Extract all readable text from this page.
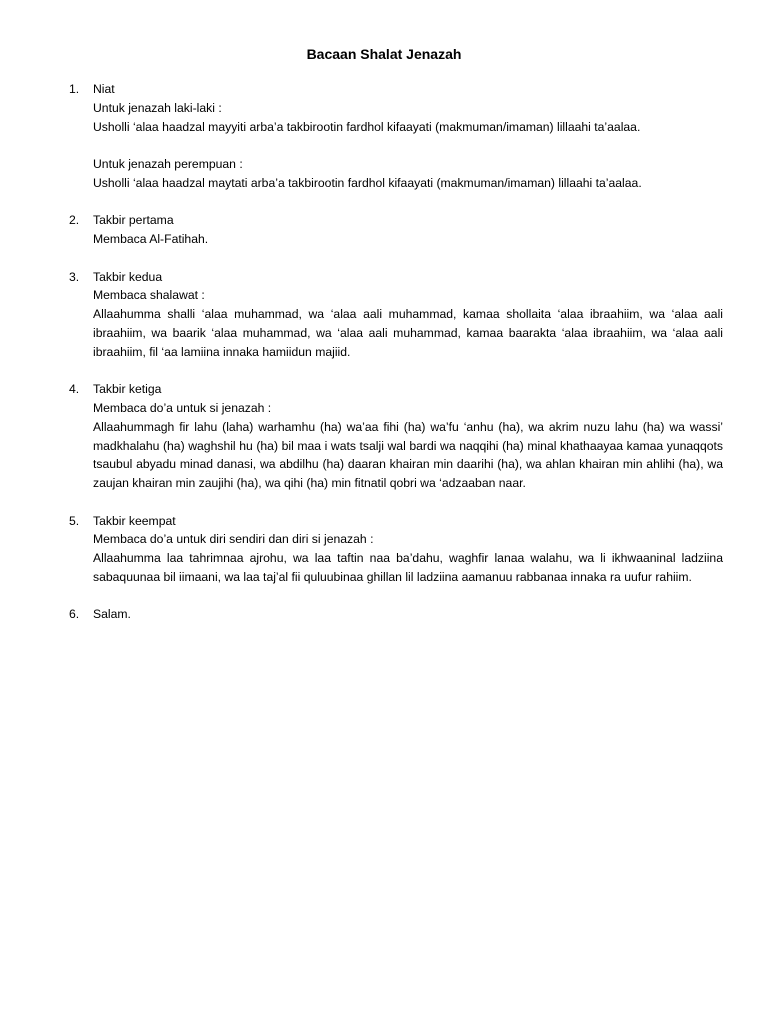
Bacaan Shalat Jenazah
1. Niat
Untuk jenazah laki-laki :
Usholli ‘alaa haadzal mayyiti arba’a takbirootin fardhol kifaayati (makmuman/imaman) lillaahi ta’aalaa.
Untuk jenazah perempuan :
Usholli ‘alaa haadzal maytati arba’a takbirootin fardhol kifaayati (makmuman/imaman) lillaahi ta’aalaa.
2. Takbir pertama
Membaca Al-Fatihah.
3. Takbir kedua
Membaca shalawat :
Allaahumma shalli ‘alaa muhammad, wa ‘alaa aali muhammad, kamaa shollaita ‘alaa ibraahiim, wa ‘alaa aali ibraahiim, wa baarik ‘alaa muhammad, wa ‘alaa aali muhammad, kamaa baarakta ‘alaa ibraahiim, wa ‘alaa aali ibraahiim, fil ‘aa lamiina innaka hamiidun majiid.
4. Takbir ketiga
Membaca do’a untuk si jenazah :
Allaahummagh fir lahu (laha) warhamhu (ha) wa’aa fihi (ha) wa’fu ‘anhu (ha), wa akrim nuzu lahu (ha) wa wassi’ madkhalahu (ha) waghshil hu (ha) bil maa i wats tsalji wal bardi wa naqqihi (ha) minal khathaayaa kamaa yunaqqots tsaubul abyadu minad danasi, wa abdilhu (ha) daaran khairan min daarihi (ha), wa ahlan khairan min ahlihi (ha), wa zaujan khairan min zaujihi (ha), wa qihi (ha) min fitnatil qobri wa ‘adzaaban naar.
5. Takbir keempat
Membaca do’a untuk diri sendiri dan diri si jenazah :
Allaahumma laa tahrimnaa ajrohu, wa laa taftin naa ba’dahu, waghfir lanaa walahu, wa li ikhwaaninal ladziina sabaquunaa bil iimaani, wa laa taj’al fii quluubinaa ghillan lil ladziina aamanuu rabbanaa innaka ra uufur rahiim.
6. Salam.
